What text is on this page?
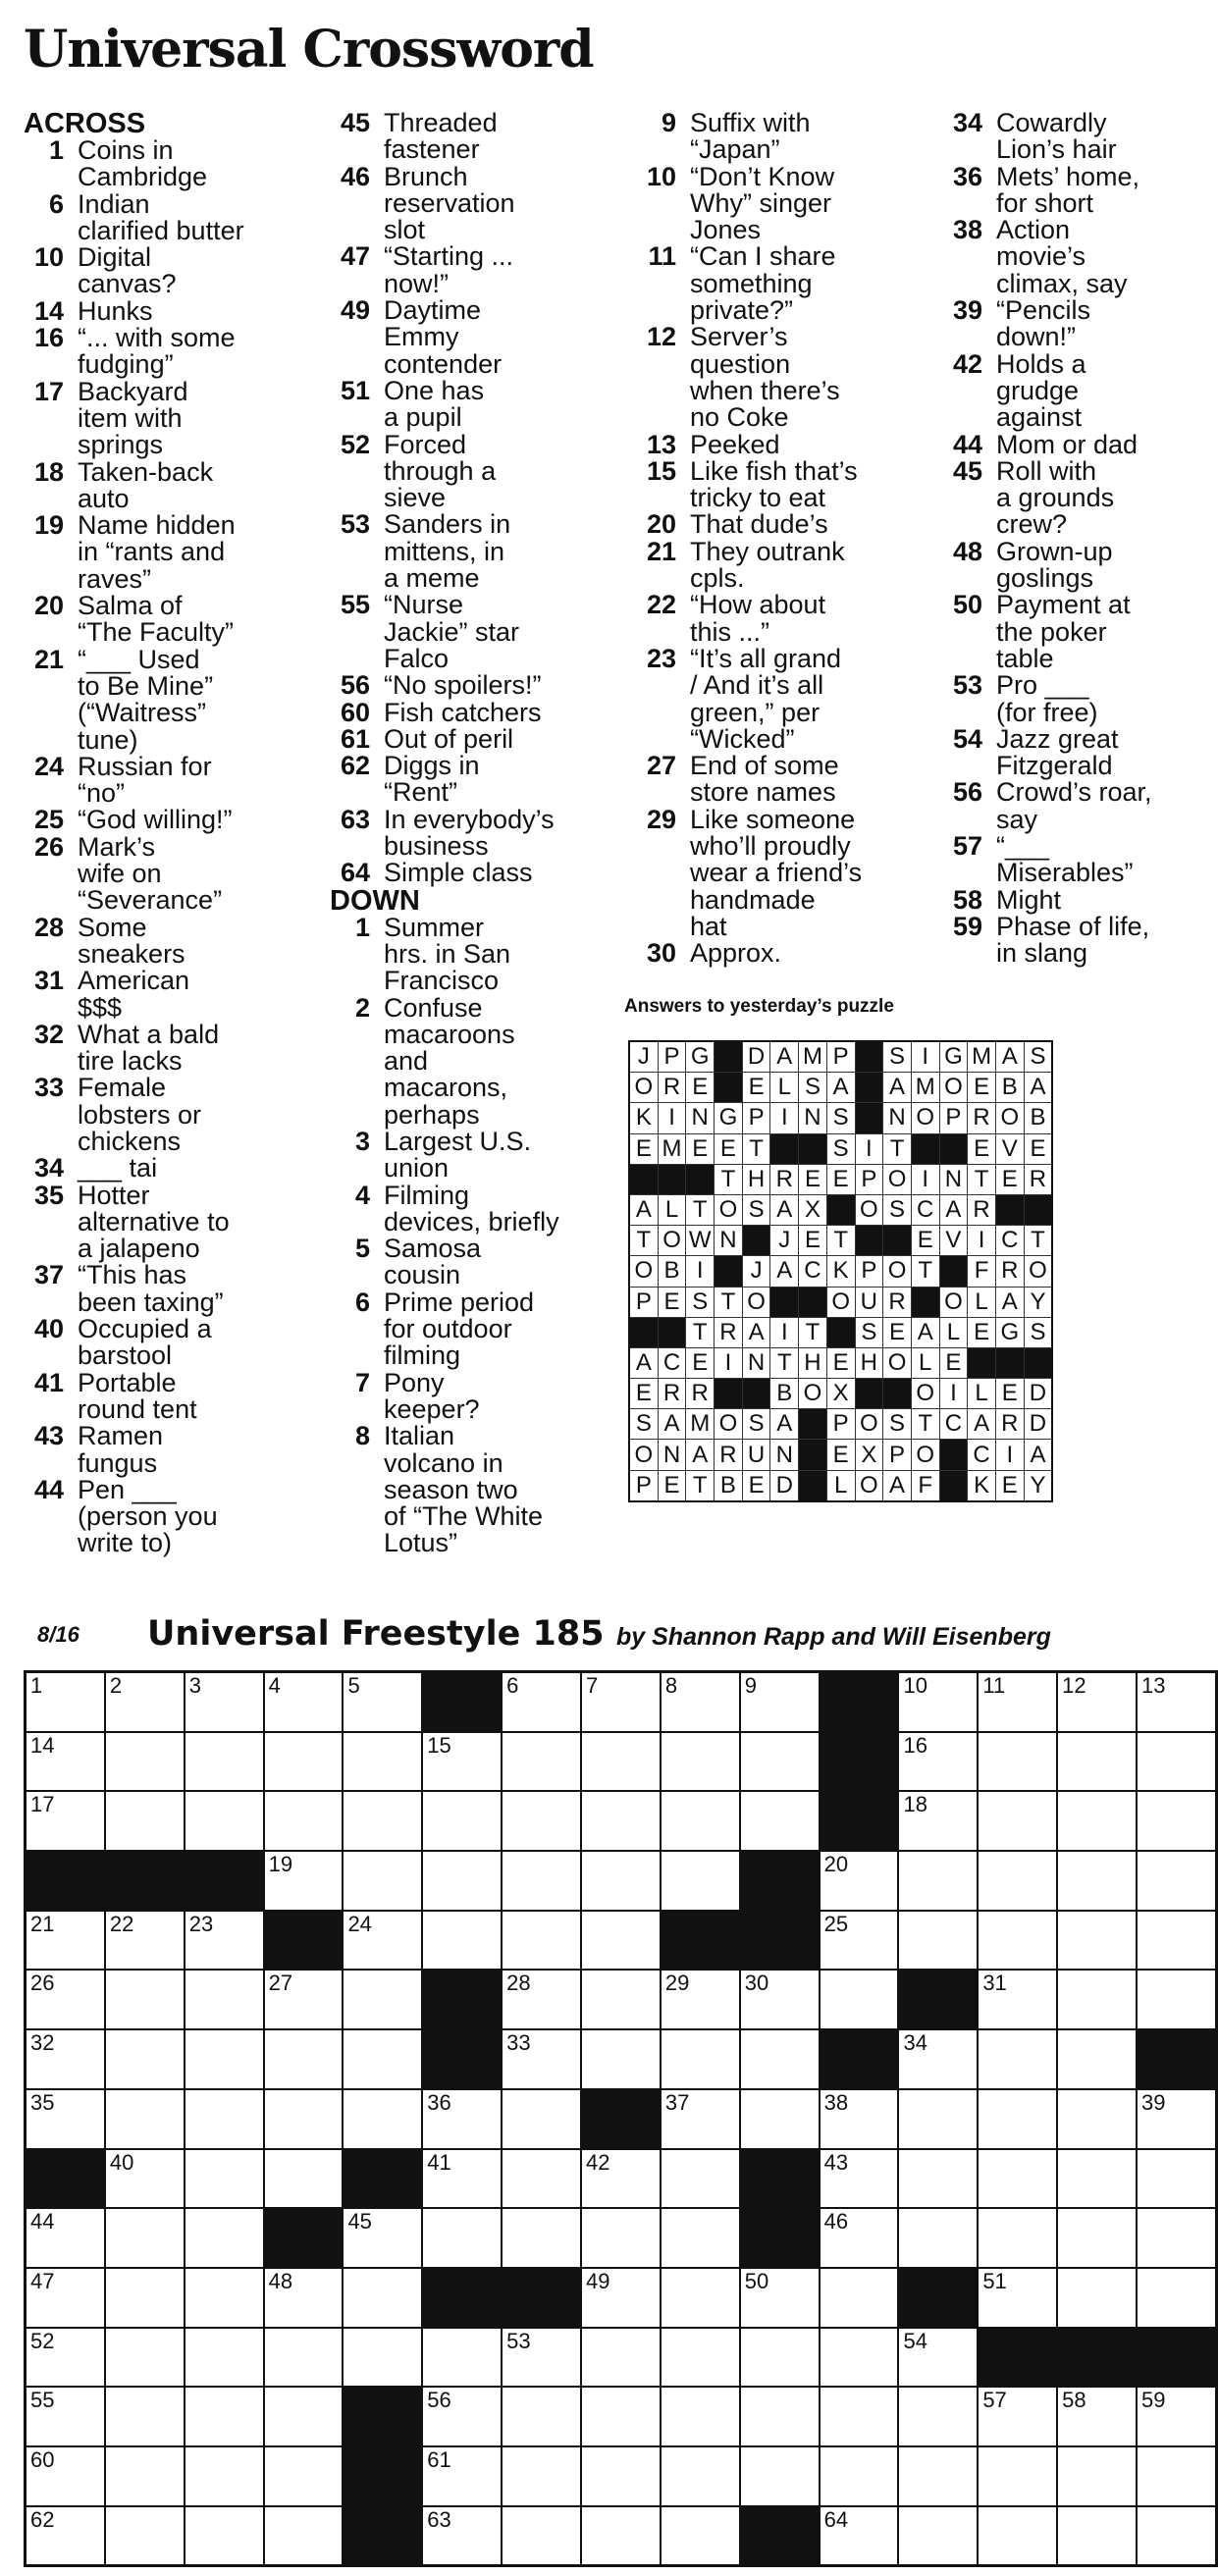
Universal Crossword
ACROSS
1 Coins in
Cambridge
6 Indian
clarified butter
10 Digital
canvas?
14 Hunks
16 “... with some
fudging”
17 Backyard
item with
springs
18 Taken-back
auto
19 Name hidden
in “rants and
raves”
20 Salma of
“The Faculty”
21 “___ Used
to Be Mine”
(“Waitress”
tune)
24 Russian for
“no”
25 “God willing!”
26 Mark’s
wife on
“Severance”
28 Some
sneakers
31 American
$$$
32 What a bald
tire lacks
33 Female
lobsters or
chickens
34 ___ tai
35 Hotter
alternative to
a jalapeno
37 “This has
been taxing”
40 Occupied a
barstool
41 Portable
round tent
43 Ramen
fungus
44 Pen ___
(person you
write to)
45 Threaded
fastener
46 Brunch
reservation
slot
47 “Starting ...
now!”
49 Daytime
Emmy
contender
51 One has
a pupil
52 Forced
through a
sieve
53 Sanders in
mittens, in
a meme
55 “Nurse
Jackie” star
Falco
56 “No spoilers!”
60 Fish catchers
61 Out of peril
62 Diggs in
“Rent”
63 In everybody’s
business
64 Simple class
DOWN
1 Summer
hrs. in San
Francisco
2 Confuse
macaroons
and
macarons,
perhaps
3 Largest U.S.
union
4 Filming
devices, briefly
5 Samosa
cousin
6 Prime period
for outdoor
filming
7 Pony
keeper?
8 Italian
volcano in
season two
of “The White
Lotus”
9 Suffix with
“Japan”
10 “Don’t Know
Why” singer
Jones
11 “Can I share
something
private?”
12 Server’s
question
when there’s
no Coke
13 Peeked
15 Like fish that’s
tricky to eat
20 That dude’s
21 They outrank
cpls.
22 “How about
this ...”
23 “It’s all grand
/ And it’s all
green,” per
“Wicked”
27 End of some
store names
29 Like someone
who’ll proudly
wear a friend’s
handmade
hat
30 Approx.
34 Cowardly
Lion’s hair
36 Mets’ home,
for short
38 Action
movie’s
climax, say
39 “Pencils
down!”
42 Holds a
grudge
against
44 Mom or dad
45 Roll with
a grounds
crew?
48 Grown-up
goslings
50 Payment at
the poker
table
53 Pro ___
(for free)
54 Jazz great
Fitzgerald
56 Crowd’s roar,
say
57 “___
Miserables”
58 Might
59 Phase of life,
in slang
Answers to yesterday’s puzzle
J	P	G		D	A	M	P		S	I	G	M	A	S
O	R	E		E	L	S	A		A	M	O	E	B	A
K	I	N	G	P	I	N	S		N	O	P	R	O	B
E	M	E	E	T			S	I	T			E	V	E
			T	H	R	E	E	P	O	I	N	T	E	R
A	L	T	O	S	A	X		O	S	C	A	R		
T	O	W	N		J	E	T			E	V	I	C	T
O	B	I		J	A	C	K	P	O	T		F	R	O
P	E	S	T	O			O	U	R		O	L	A	Y
		T	R	A	I	T		S	E	A	L	E	G	S
A	C	E	I	N	T	H	E	H	O	L	E			
E	R	R			B	O	X			O	I	L	E	D
S	A	M	O	S	A		P	O	S	T	C	A	R	D
O	N	A	R	U	N		E	X	P	O		C	I	A
P	E	T	B	E	D		L	O	A	F		K	E	Y
8/16 Universal Freestyle 185 by Shannon Rapp and Will Eisenberg
1	2	3	4	5		6	7	8	9		10	11	12	13

14					15						16			

17											18			

			19							20				

21	22	23		24						25				

26			27			28		29	30			31		

32						33					34			

35					36			37		38				39

	40				41		42			43				

44				45						46				

47			48				49		50			51		

52						53					54			

55					56							57	58	59

60					61									

62					63					64				
